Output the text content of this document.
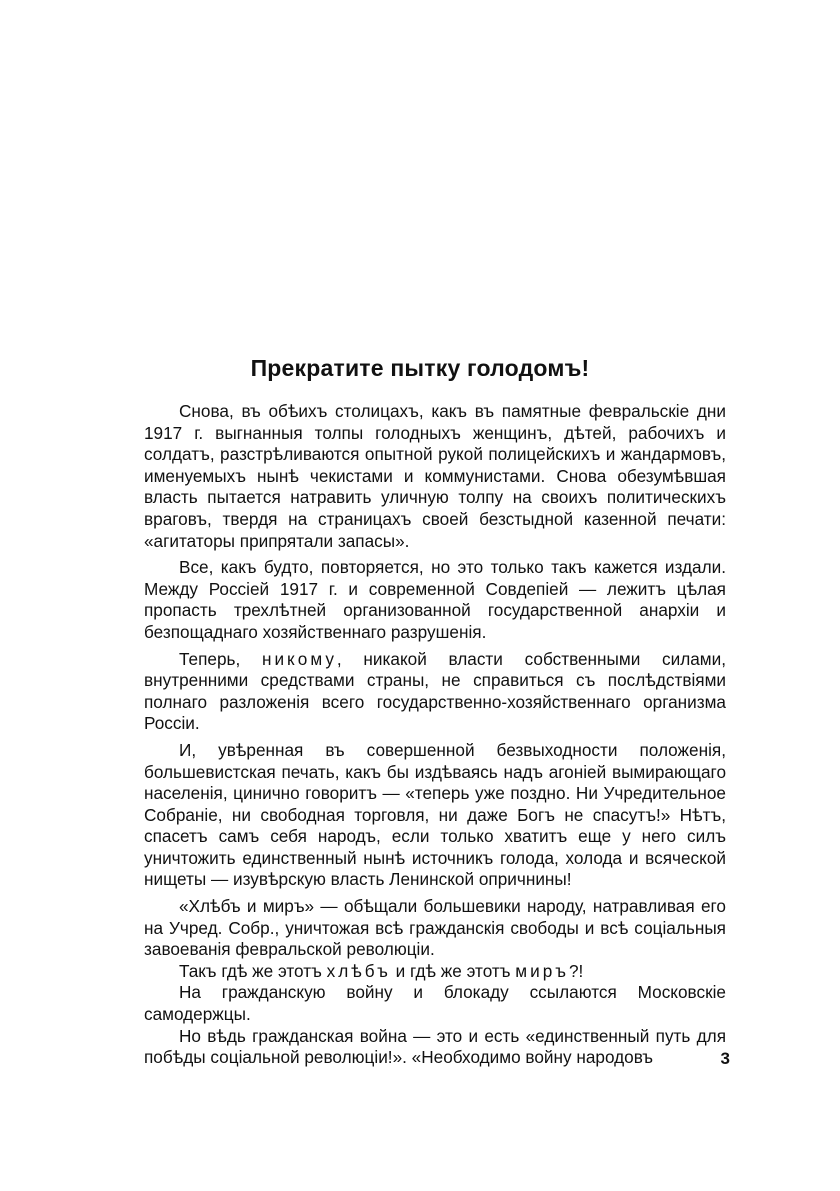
Прекратите пытку голодомъ!

Снова, въ обѣихъ столицахъ, какъ въ памятные февральскіе дни 1917 г. выгнанныя толпы голодныхъ женщинъ, дѣтей, рабочихъ и солдатъ, разстрѣливаются опытной рукой полицейскихъ и жандармовъ, именуемыхъ нынѣ чекистами и коммунистами. Снова обезумѣвшая власть пытается натравить уличную толпу на своихъ политическихъ враговъ, твердя на страницахъ своей безстыдной казенной печати: «агитаторы припрятали запасы».

Все, какъ будто, повторяется, но это только такъ кажется издали. Между Россіей 1917 г. и современной Совдепіей — лежитъ цѣлая пропасть трехлѣтней организованной государственной анархіи и безпощаднаго хозяйственнаго разрушенія.

Теперь, никому, никакой власти собственными силами, внутренними средствами страны, не справиться съ послѣдствіями полнаго разложенія всего государственно-хозяйственнаго организма Россіи.

И, увѣренная въ совершенной безвыходности положенія, большевистская печать, какъ бы издѣваясь надъ агоніей вымирающаго населенія, цинично говоритъ — «теперь уже поздно. Ни Учредительное Собраніе, ни свободная торговля, ни даже Богъ не спасутъ!» Нѣтъ, спасетъ самъ себя народъ, если только хватитъ еще у него силъ уничтожить единственный нынѣ источникъ голода, холода и всяческой нищеты — изувѣрскую власть Ленинской опричнины!

«Хлѣбъ и миръ» — обѣщали большевики народу, натравливая его на Учред. Собр., уничтожая всѣ гражданскія свободы и всѣ соціальныя завоеванія февральской революціи.

Такъ гдѣ же этотъ хлѣбъ и гдѣ же этотъ миръ?!

На гражданскую войну и блокаду ссылаются Московскіе самодержцы.

Но вѣдь гражданская война — это и есть «единственный путь для побѣды соціальной революціи!». «Необходимо войну народовъ	3
